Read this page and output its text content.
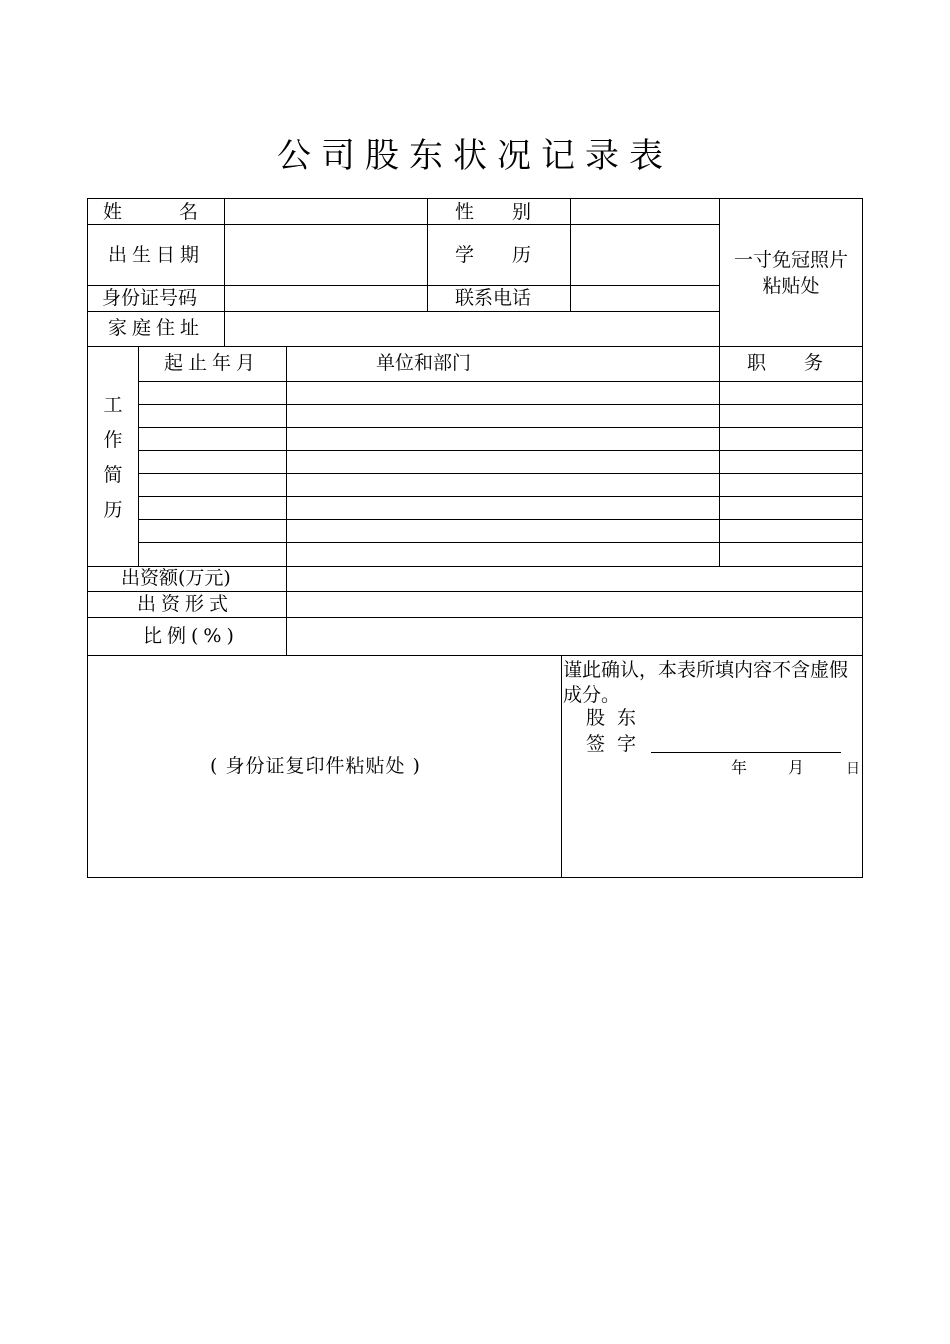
公司股东状况记录表
姓　　　名	性　　别
出生日期	学　　历
身份证号码	联系电话
家庭住址
一寸免冠照片
粘贴处
工
作
简
历
起止年月	单位和部门	职　　务
出资额(万元)
出资形式
比例(%)
( 身份证复印件粘贴处 )
谨此确认，本表所填内容不含虚假成分。
股 东
签 字
年	月	日
